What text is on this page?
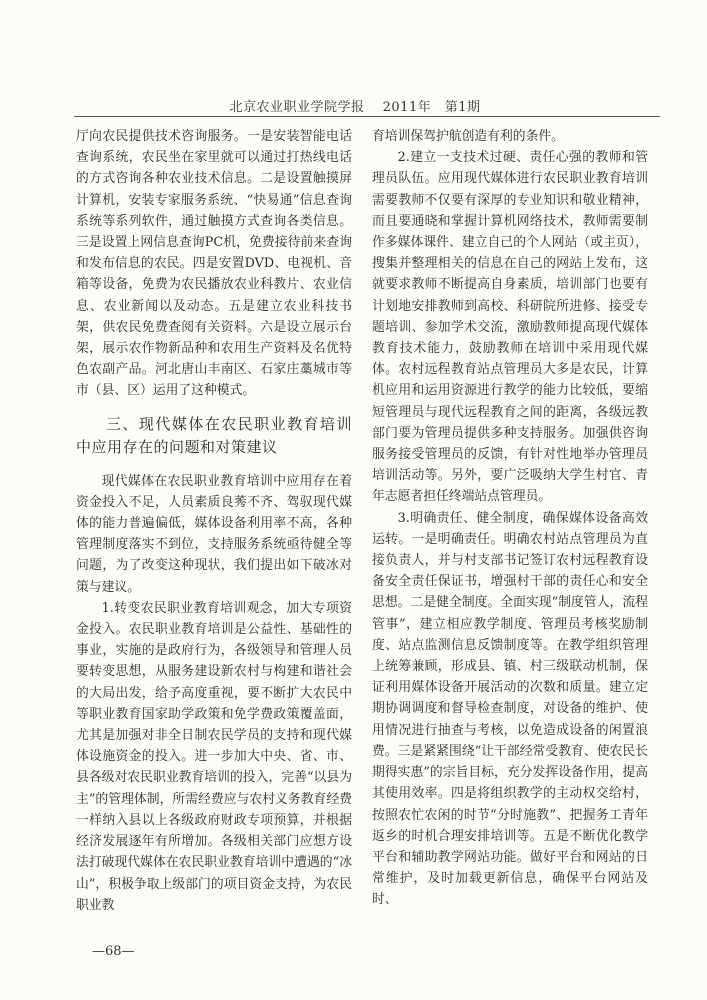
北京农业职业学院学报　 2011年　第1期

厅向农民提供技术咨询服务。一是安装智能电话查询系统，农民坐在家里就可以通过打热线电话的方式咨询各种农业技术信息。二是设置触摸屏计算机，安装专家服务系统、“快易通”信息查询系统等系列软件，通过触摸方式查询各类信息。三是设置上网信息查询PC机，免费接待前来查询和发布信息的农民。四是安置DVD、电视机、音箱等设备，免费为农民播放农业科教片、农业信息、农业新闻以及动态。五是建立农业科技书架，供农民免费查阅有关资料。六是设立展示台架，展示农作物新品种和农用生产资料及名优特色农副产品。河北唐山丰南区、石家庄藁城市等市（县、区）运用了这种模式。

三、现代媒体在农民职业教育培训中应用存在的问题和对策建议

现代媒体在农民职业教育培训中应用存在着资金投入不足，人员素质良莠不齐、驾驭现代媒体的能力普遍偏低，媒体设备利用率不高，各种管理制度落实不到位，支持服务系统亟待健全等问题，为了改变这种现状，我们提出如下破冰对策与建议。

1.转变农民职业教育培训观念，加大专项资金投入。农民职业教育培训是公益性、基础性的事业，实施的是政府行为，各级领导和管理人员要转变思想，从服务建设新农村与构建和谐社会的大局出发，给予高度重视，要不断扩大农民中等职业教育国家助学政策和免学费政策覆盖面，尤其是加强对非全日制农民学员的支持和现代媒体设施资金的投入。进一步加大中央、省、市、县各级对农民职业教育培训的投入，完善“以县为主”的管理体制，所需经费应与农村义务教育经费一样纳入县以上各级政府财政专项预算，并根据经济发展逐年有所增加。各级相关部门应想方设法打破现代媒体在农民职业教育培训中遭遇的“冰山”，积极争取上级部门的项目资金支持，为农民职业教

育培训保驾护航创造有利的条件。

2.建立一支技术过硬、责任心强的教师和管理员队伍。应用现代媒体进行农民职业教育培训需要教师不仅要有深厚的专业知识和敬业精神，而且要通晓和掌握计算机网络技术，教师需要制作多媒体课件、建立自己的个人网站（或主页），搜集并整理相关的信息在自己的网站上发布，这就要求教师不断提高自身素质，培训部门也要有计划地安排教师到高校、科研院所进修、接受专题培训、参加学术交流，激励教师提高现代媒体教育技术能力，鼓励教师在培训中采用现代媒体。农村远程教育站点管理员大多是农民，计算机应用和运用资源进行教学的能力比较低，要缩短管理员与现代远程教育之间的距离，各级远教部门要为管理员提供多种支持服务。加强供咨询服务接受管理员的反馈，有针对性地举办管理员培训活动等。另外，要广泛吸纳大学生村官、青年志愿者担任终端站点管理员。

3.明确责任、健全制度，确保媒体设备高效运转。一是明确责任。明确农村站点管理员为直接负责人，并与村支部书记签订农村远程教育设备安全责任保证书，增强村干部的责任心和安全思想。二是健全制度。全面实现“制度管人，流程管事”，建立相应教学制度、管理员考核奖励制度、站点监测信息反馈制度等。在教学组织管理上统筹兼顾，形成县、镇、村三级联动机制，保证利用媒体设备开展活动的次数和质量。建立定期协调调度和督导检查制度，对设备的维护、使用情况进行抽查与考核，以免造成设备的闲置浪费。三是紧紧围绕“让干部经常受教育、使农民长期得实惠”的宗旨目标，充分发挥设备作用，提高其使用效率。四是将组织教学的主动权交给村，按照农忙农闲的时节“分时施教”、把握务工青年返乡的时机合理安排培训等。五是不断优化教学平台和辅助教学网站功能。做好平台和网站的日常维护，及时加载更新信息，确保平台网站及时、

—68—
